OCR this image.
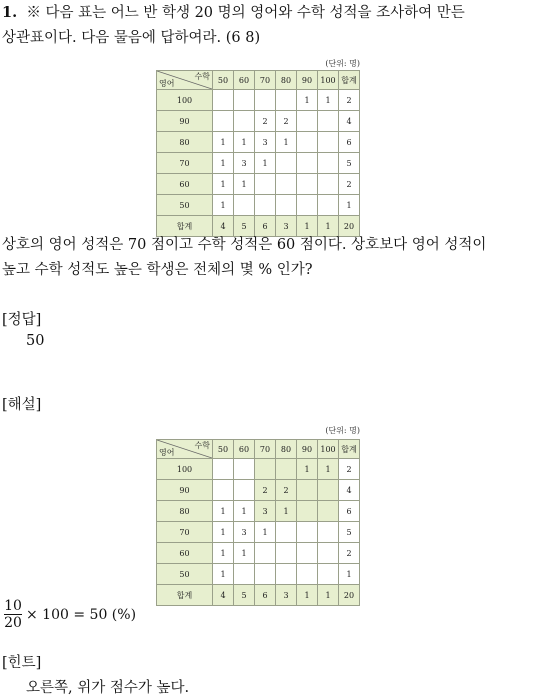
1. ※ 다음 표는 어느 반 학생 20 명의 영어와 수학 성적을 조사하여 만든
상관표이다. 다음 물음에 답하여라. (6 8)
(단위: 명)
수학
영어	50	60	70	80	90	100	합계
100					1	1	2
90			2	2			4
80	1	1	3	1			6
70	1	3	1				5
60	1	1					2
50	1						1
합계	4	5	6	3	1	1	20
상호의 영어 성적은 70 점이고 수학 성적은 60 점이다. 상호보다 영어 성적이
높고 수학 성적도 높은 학생은 전체의 몇 % 인가?
[정답]
50
[해설]
(단위: 명)
수학
영어	50	60	70	80	90	100	합계
100					1	1	2
90			2	2			4
80	1	1	3	1			6
70	1	3	1				5
60	1	1					2
50	1						1
합계	4	5	6	3	1	1	20
10
20
× 100 = 50 (%)
[힌트]
오른쪽, 위가 점수가 높다.
